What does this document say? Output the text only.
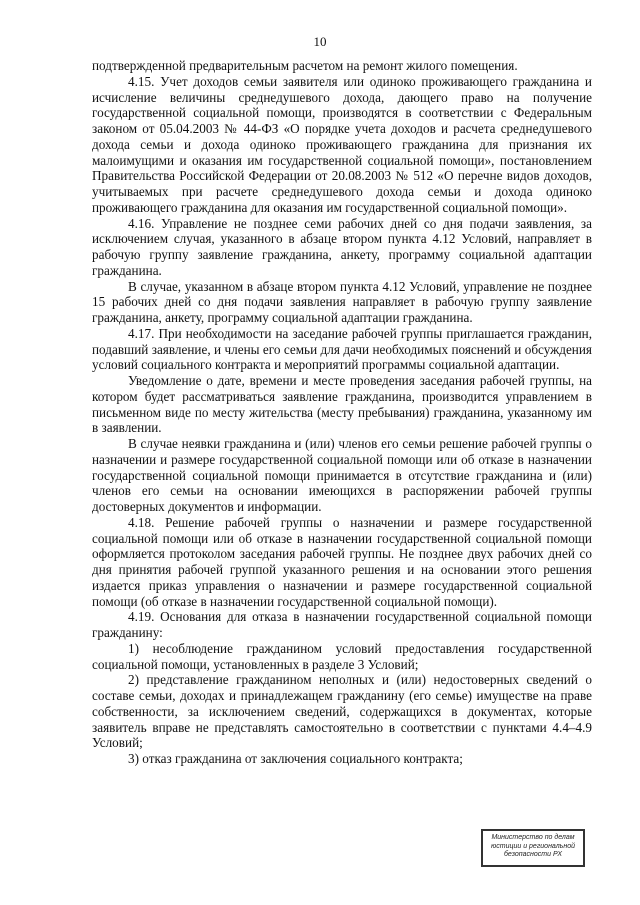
10

подтвержденной предварительным расчетом на ремонт жилого помещения.

4.15. Учет доходов семьи заявителя или одиноко проживающего гражданина и исчисление величины среднедушевого дохода, дающего право на получение государственной социальной помощи, производятся в соответствии с Федеральным законом от 05.04.2003 № 44-ФЗ «О порядке учета доходов и расчета среднедушевого дохода семьи и дохода одиноко проживающего гражданина для признания их малоимущими и оказания им государственной социальной помощи», постановлением Правительства Российской Федерации от 20.08.2003 № 512 «О перечне видов доходов, учитываемых при расчете среднедушевого дохода семьи и дохода одиноко проживающего гражданина для оказания им государственной социальной помощи».

4.16. Управление не позднее семи рабочих дней со дня подачи заявления, за исключением случая, указанного в абзаце втором пункта 4.12 Условий, направляет в рабочую группу заявление гражданина, анкету, программу социальной адаптации гражданина.

В случае, указанном в абзаце втором пункта 4.12 Условий, управление не позднее 15 рабочих дней со дня подачи заявления направляет в рабочую группу заявление гражданина, анкету, программу социальной адаптации гражданина.

4.17. При необходимости на заседание рабочей группы приглашается гражданин, подавший заявление, и члены его семьи для дачи необходимых пояснений и обсуждения условий социального контракта и мероприятий программы социальной адаптации.

Уведомление о дате, времени и месте проведения заседания рабочей группы, на котором будет рассматриваться заявление гражданина, производится управлением в письменном виде по месту жительства (месту пребывания) гражданина, указанному им в заявлении.

В случае неявки гражданина и (или) членов его семьи решение рабочей группы о назначении и размере государственной социальной помощи или об отказе в назначении государственной социальной помощи принимается в отсутствие гражданина и (или) членов его семьи на основании имеющихся в распоряжении рабочей группы достоверных документов и информации.

4.18. Решение рабочей группы о назначении и размере государственной социальной помощи или об отказе в назначении государственной социальной помощи оформляется протоколом заседания рабочей группы. Не позднее двух рабочих дней со дня принятия рабочей группой указанного решения и на основании этого решения издается приказ управления о назначении и размере государственной социальной помощи (об отказе в назначении государственной социальной помощи).

4.19. Основания для отказа в назначении государственной социальной помощи гражданину:

1) несоблюдение гражданином условий предоставления государственной социальной помощи, установленных в разделе 3 Условий;

2) представление гражданином неполных и (или) недостоверных сведений о составе семьи, доходах и принадлежащем гражданину (его семье) имуществе на праве собственности, за исключением сведений, содержащихся в документах, которые заявитель вправе не представлять самостоятельно в соответствии с пунктами 4.4–4.9 Условий;

3) отказ гражданина от заключения социального контракта;

Министерство по делам
юстиции и региональной
безопасности РХ
